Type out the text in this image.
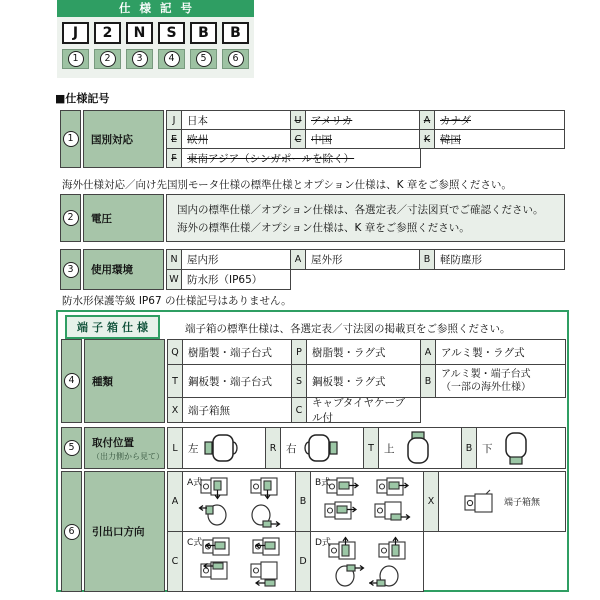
仕様記号
J	2	N	S	B	B
1	2	3	4	5	6
■仕様記号
1	国別対応
J	日本	U アメリカ	A カナダ
E 欧州	C 中国	K 韓国
F 東南アジア（シンガポールを除く）
海外仕様対応／向け先国別モータ仕様の標準仕様とオプション仕様は、K 章をご参照ください。
2	電圧
国内の標準仕様／オプション仕様は、各選定表／寸法図頁でご確認ください。
海外の標準仕様／オプション仕様は、K 章をご参照ください。
3	使用環境
N 屋内形	A 屋外形	B 軽防塵形
W 防水形（IP65）
防水形保護等級 IP67 の仕様記号はありません。
端子箱仕様	端子箱の標準仕様は、各選定表／寸法図の掲載頁をご参照ください。
4	種類
Q 樹脂製・端子台式	P 樹脂製・ラグ式	A アルミ製・ラグ式
T 鋼板製・端子台式	S 鋼板製・ラグ式	B
アルミ製・端子台式
（一部の海外仕様）
X 端子箱無	C
キャブタイヤケーブル付
5	取付位置
（出力側から見て）
L 左	R 右	T 上	B 下
6	引出口方向
A
A式
B
B式
X	端子箱無
C
C式
D
D式
